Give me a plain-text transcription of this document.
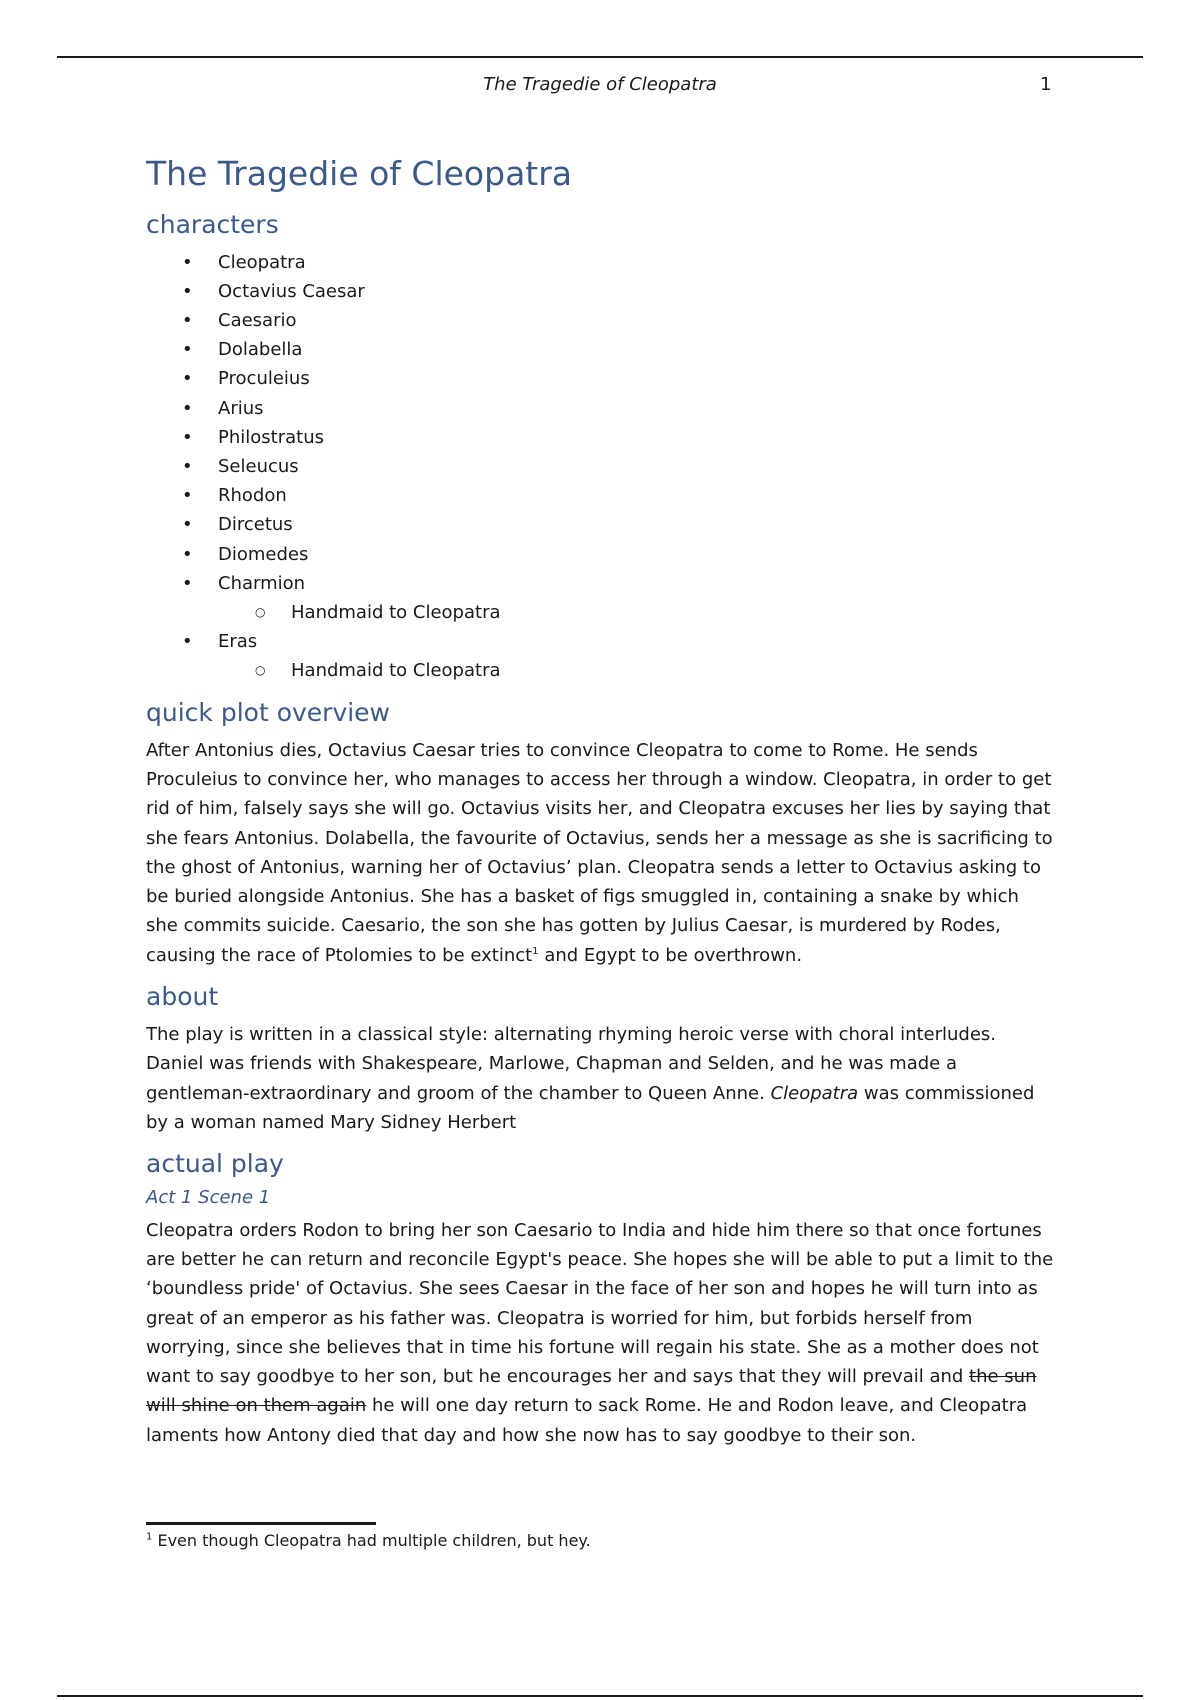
The Tragedie of Cleopatra	1
The Tragedie of Cleopatra
characters
• Cleopatra
• Octavius Caesar
• Caesario
• Dolabella
• Proculeius
• Arius
• Philostratus
• Seleucus
• Rhodon
• Dircetus
• Diomedes
• Charmion
○ Handmaid to Cleopatra
• Eras
○ Handmaid to Cleopatra
quick plot overview

After Antonius dies, Octavius Caesar tries to convince Cleopatra to come to Rome. He sends Proculeius to convince her, who manages to access her through a window. Cleopatra, in order to get rid of him, falsely says she will go. Octavius visits her, and Cleopatra excuses her lies by saying that she fears Antonius. Dolabella, the favourite of Octavius, sends her a message as she is sacrificing to the ghost of Antonius, warning her of Octavius’ plan. Cleopatra sends a letter to Octavius asking to be buried alongside Antonius. She has a basket of figs smuggled in, containing a snake by which she commits suicide. Caesario, the son she has gotten by Julius Caesar, is murdered by Rodes, causing the race of Ptolomies to be extinct$^1$ and Egypt to be overthrown.

about

The play is written in a classical style: alternating rhyming heroic verse with choral interludes. Daniel was friends with Shakespeare, Marlowe, Chapman and Selden, and he was made a gentleman-extraordinary and groom of the chamber to Queen Anne. Cleopatra was commissioned by a woman named Mary Sidney Herbert

actual play
Act 1 Scene 1

Cleopatra orders Rodon to bring her son Caesario to India and hide him there so that once fortunes are better he can return and reconcile Egypt's peace. She hopes she will be able to put a limit to the ‘boundless pride' of Octavius. She sees Caesar in the face of her son and hopes he will turn into as great of an emperor as his father was. Cleopatra is worried for him, but forbids herself from worrying, since she believes that in time his fortune will regain his state. She as a mother does not want to say goodbye to her son, but he encourages her and says that they will prevail and the sun will shine on them again he will one day return to sack Rome. He and Rodon leave, and Cleopatra laments how Antony died that day and how she now has to say goodbye to their son.

$^1$ Even though Cleopatra had multiple children, but hey.
